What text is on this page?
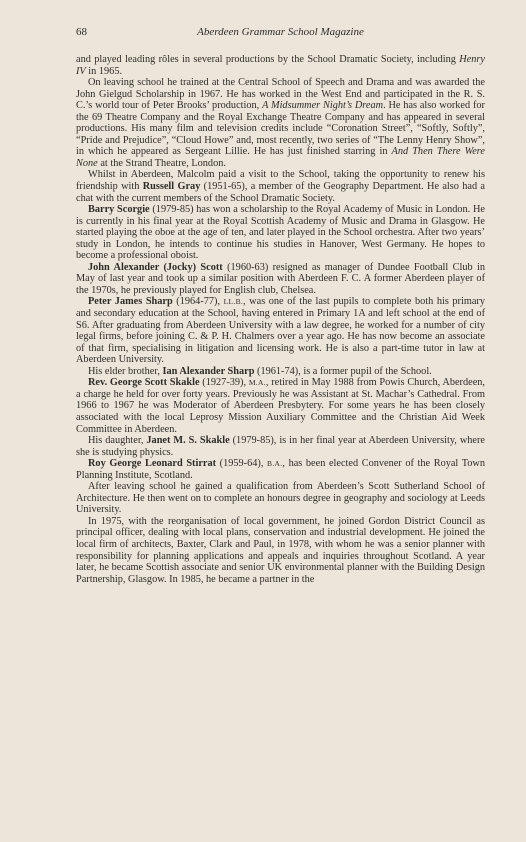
68	Aberdeen Grammar School Magazine

and played leading rôles in several productions by the School Dramatic Society, including Henry IV in 1965.

On leaving school he trained at the Central School of Speech and Drama and was awarded the John Gielgud Scholarship in 1967. He has worked in the West End and participated in the R. S. C.’s world tour of Peter Brooks’ production, A Midsummer Night’s Dream. He has also worked for the 69 Theatre Company and the Royal Exchange Theatre Company and has appeared in several productions. His many film and television credits include “Coronation Street”, “Softly, Softly”, “Pride and Prejudice”, “Cloud Howe” and, most recently, two series of “The Lenny Henry Show”, in which he appeared as Sergeant Lillie. He has just finished starring in And Then There Were None at the Strand Theatre, London.

Whilst in Aberdeen, Malcolm paid a visit to the School, taking the opportunity to renew his friendship with Russell Gray (1951-65), a member of the Geography Department. He also had a chat with the current members of the School Dramatic Society.

Barry Scorgie (1979-85) has won a scholarship to the Royal Academy of Music in London. He is currently in his final year at the Royal Scottish Academy of Music and Drama in Glasgow. He started playing the oboe at the age of ten, and later played in the School orchestra. After two years’ study in London, he intends to continue his studies in Hanover, West Germany. He hopes to become a professional oboist.

John Alexander (Jocky) Scott (1960-63) resigned as manager of Dundee Football Club in May of last year and took up a similar position with Aberdeen F. C. A former Aberdeen player of the 1970s, he previously played for English club, Chelsea.

Peter James Sharp (1964-77), LL.B., was one of the last pupils to complete both his primary and secondary education at the School, having entered in Primary 1A and left school at the end of S6. After graduating from Aberdeen University with a law degree, he worked for a number of city legal firms, before joining C. & P. H. Chalmers over a year ago. He has now become an associate of that firm, specialising in litigation and licensing work. He is also a part-time tutor in law at Aberdeen University.

His elder brother, Ian Alexander Sharp (1961-74), is a former pupil of the School.

Rev. George Scott Skakle (1927-39), M.A., retired in May 1988 from Powis Church, Aberdeen, a charge he held for over forty years. Previously he was Assistant at St. Machar’s Cathedral. From 1966 to 1967 he was Moderator of Aberdeen Presbytery. For some years he has been closely associated with the local Leprosy Mission Auxiliary Committee and the Christian Aid Week Committee in Aberdeen.

His daughter, Janet M. S. Skakle (1979-85), is in her final year at Aberdeen University, where she is studying physics.

Roy George Leonard Stirrat (1959-64), B.A., has been elected Convener of the Royal Town Planning Institute, Scotland.

After leaving school he gained a qualification from Aberdeen’s Scott Sutherland School of Architecture. He then went on to complete an honours degree in geography and sociology at Leeds University.

In 1975, with the reorganisation of local government, he joined Gordon District Council as principal officer, dealing with local plans, conservation and industrial development. He joined the local firm of architects, Baxter, Clark and Paul, in 1978, with whom he was a senior planner with responsibility for planning applications and appeals and inquiries throughout Scotland. A year later, he became Scottish associate and senior UK environmental planner with the Building Design Partnership, Glasgow. In 1985, he became a partner in the
